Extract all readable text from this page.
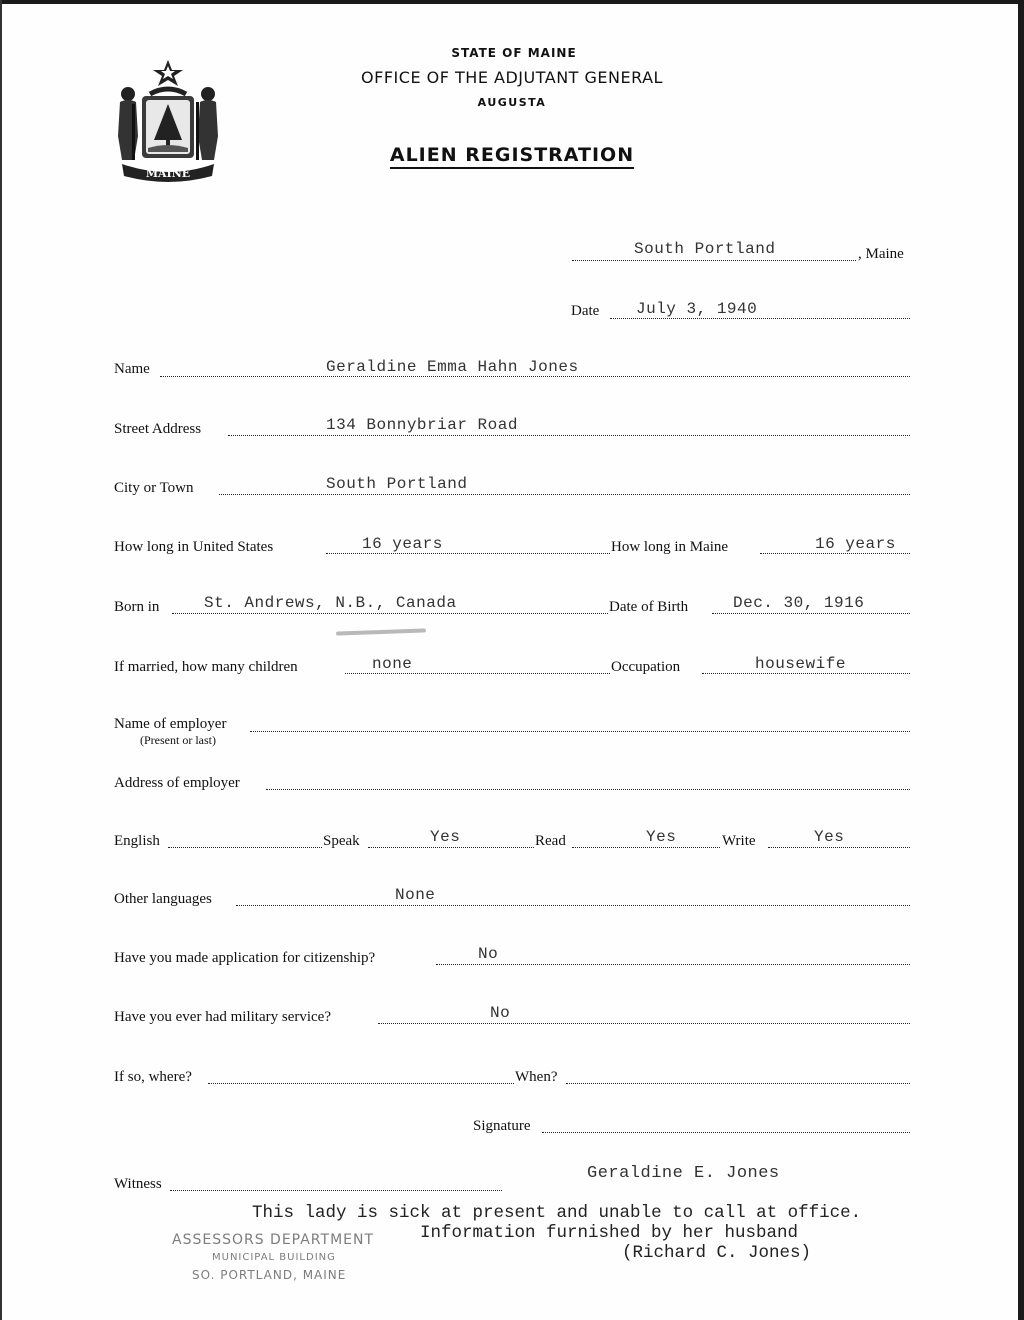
MAINE
STATE OF MAINE
OFFICE OF THE ADJUTANT GENERAL
AUGUSTA
ALIEN REGISTRATION
South Portland	, Maine
Date July 3, 1940
Name	Geraldine Emma Hahn Jones
Street Address	134 Bonnybriar Road
City or Town	South Portland
How long in United States	16 years	How long in Maine	16 years
Born in	St. Andrews, N.B., Canada	Date of Birth	Dec. 30, 1916
If married, how many children	none	Occupation	housewife
Name of employer
(Present or last)
Address of employer
English	Speak	Yes	Read	Yes	Write	Yes
Other languages	None
Have you made application for citizenship?	No
Have you ever had military service?	No
If so, where?	When?
Signature
Geraldine E. Jones
Witness
This lady is sick at present and unable to call at office.
Information furnished by her husband
(Richard C. Jones)
ASSESSORS DEPARTMENT
MUNICIPAL BUILDING
SO. PORTLAND, MAINE
